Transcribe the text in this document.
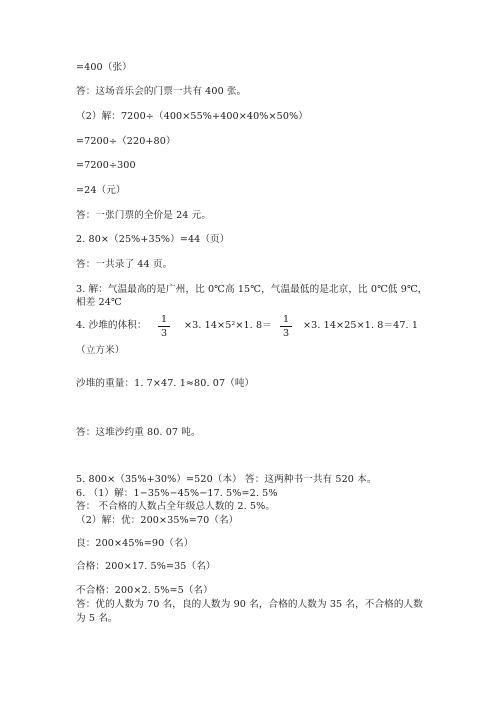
=400（张）
答：这场音乐会的门票一共有 400 张。
（2）解：7200÷（400×55%+400×40%×50%）
=7200÷（220+80）
=7200÷300
=24（元）
答：一张门票的全价是 24 元。
2. 80×（25%+35%）=44（页）
答：一共录了 44 页。
3. 解：气温最高的是广州，比 0℃高 15℃，气温最低的是北京，比 0℃低 9℃，
相差 24℃
4. 沙堆的体积：
1
3
×3. 14×5²×1. 8＝
1
3
×3. 14×25×1. 8＝47. 1
（立方米）
沙堆的重量：1. 7×47. 1≈80. 07（吨）
答：这堆沙约重 80. 07 吨。
5. 800×（35%+30%）=520（本） 答：这两种书一共有 520 本。
6. （1）解：1−35%−45%−17. 5%=2. 5%
答： 不合格的人数占全年级总人数的 2. 5%。
（2）解：优：200×35%=70（名）
良：200×45%=90（名）
合格：200×17. 5%=35（名）
不合格：200×2. 5%=5（名）
答：优的人数为 70 名，良的人数为 90 名，合格的人数为 35 名，不合格的人数
为 5 名。
